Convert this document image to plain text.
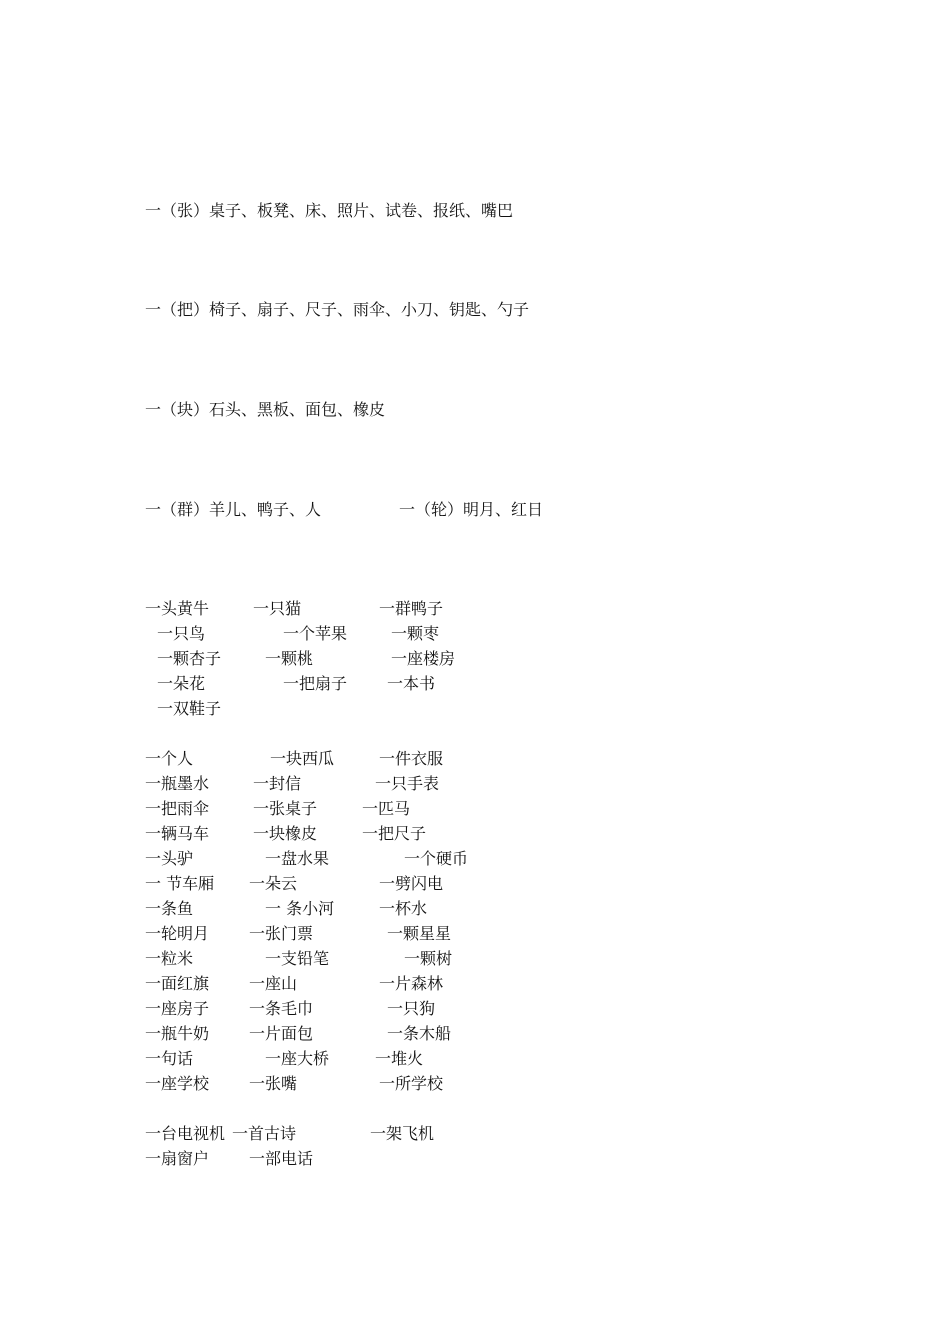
一（张）桌子、板凳、床、照片、试卷、报纸、嘴巴
一（把）椅子、扇子、尺子、雨伞、小刀、钥匙、勺子
一（块）石头、黑板、面包、橡皮
一（群）羊儿、鸭子、人	一（轮）明月、红日
一头黄牛	一只猫	一群鸭子
一只鸟	一个苹果	一颗枣
一颗杏子	一颗桃	一座楼房
一朵花	一把扇子 一本书
一双鞋子
一个人	一块西瓜	一件衣服
一瓶墨水	一封信	一只手表
一把雨伞	一张桌子	一匹马
一辆马车	一块橡皮	一把尺子
一头驴	一盘水果	一个硬币
一 节车厢 一朵云	一劈闪电
一条鱼	一 条小河	一杯水
一轮明月 一张门票	一颗星星
一粒米	一支铅笔	一颗树
一面红旗 一座山	一片森林
一座房子 一条毛巾	一只狗
一瓶牛奶 一片面包	一条木船
一句话	一座大桥	一堆火
一座学校 一张嘴	一所学校
一台电视机 一首古诗	一架飞机
一扇窗户 一部电话
